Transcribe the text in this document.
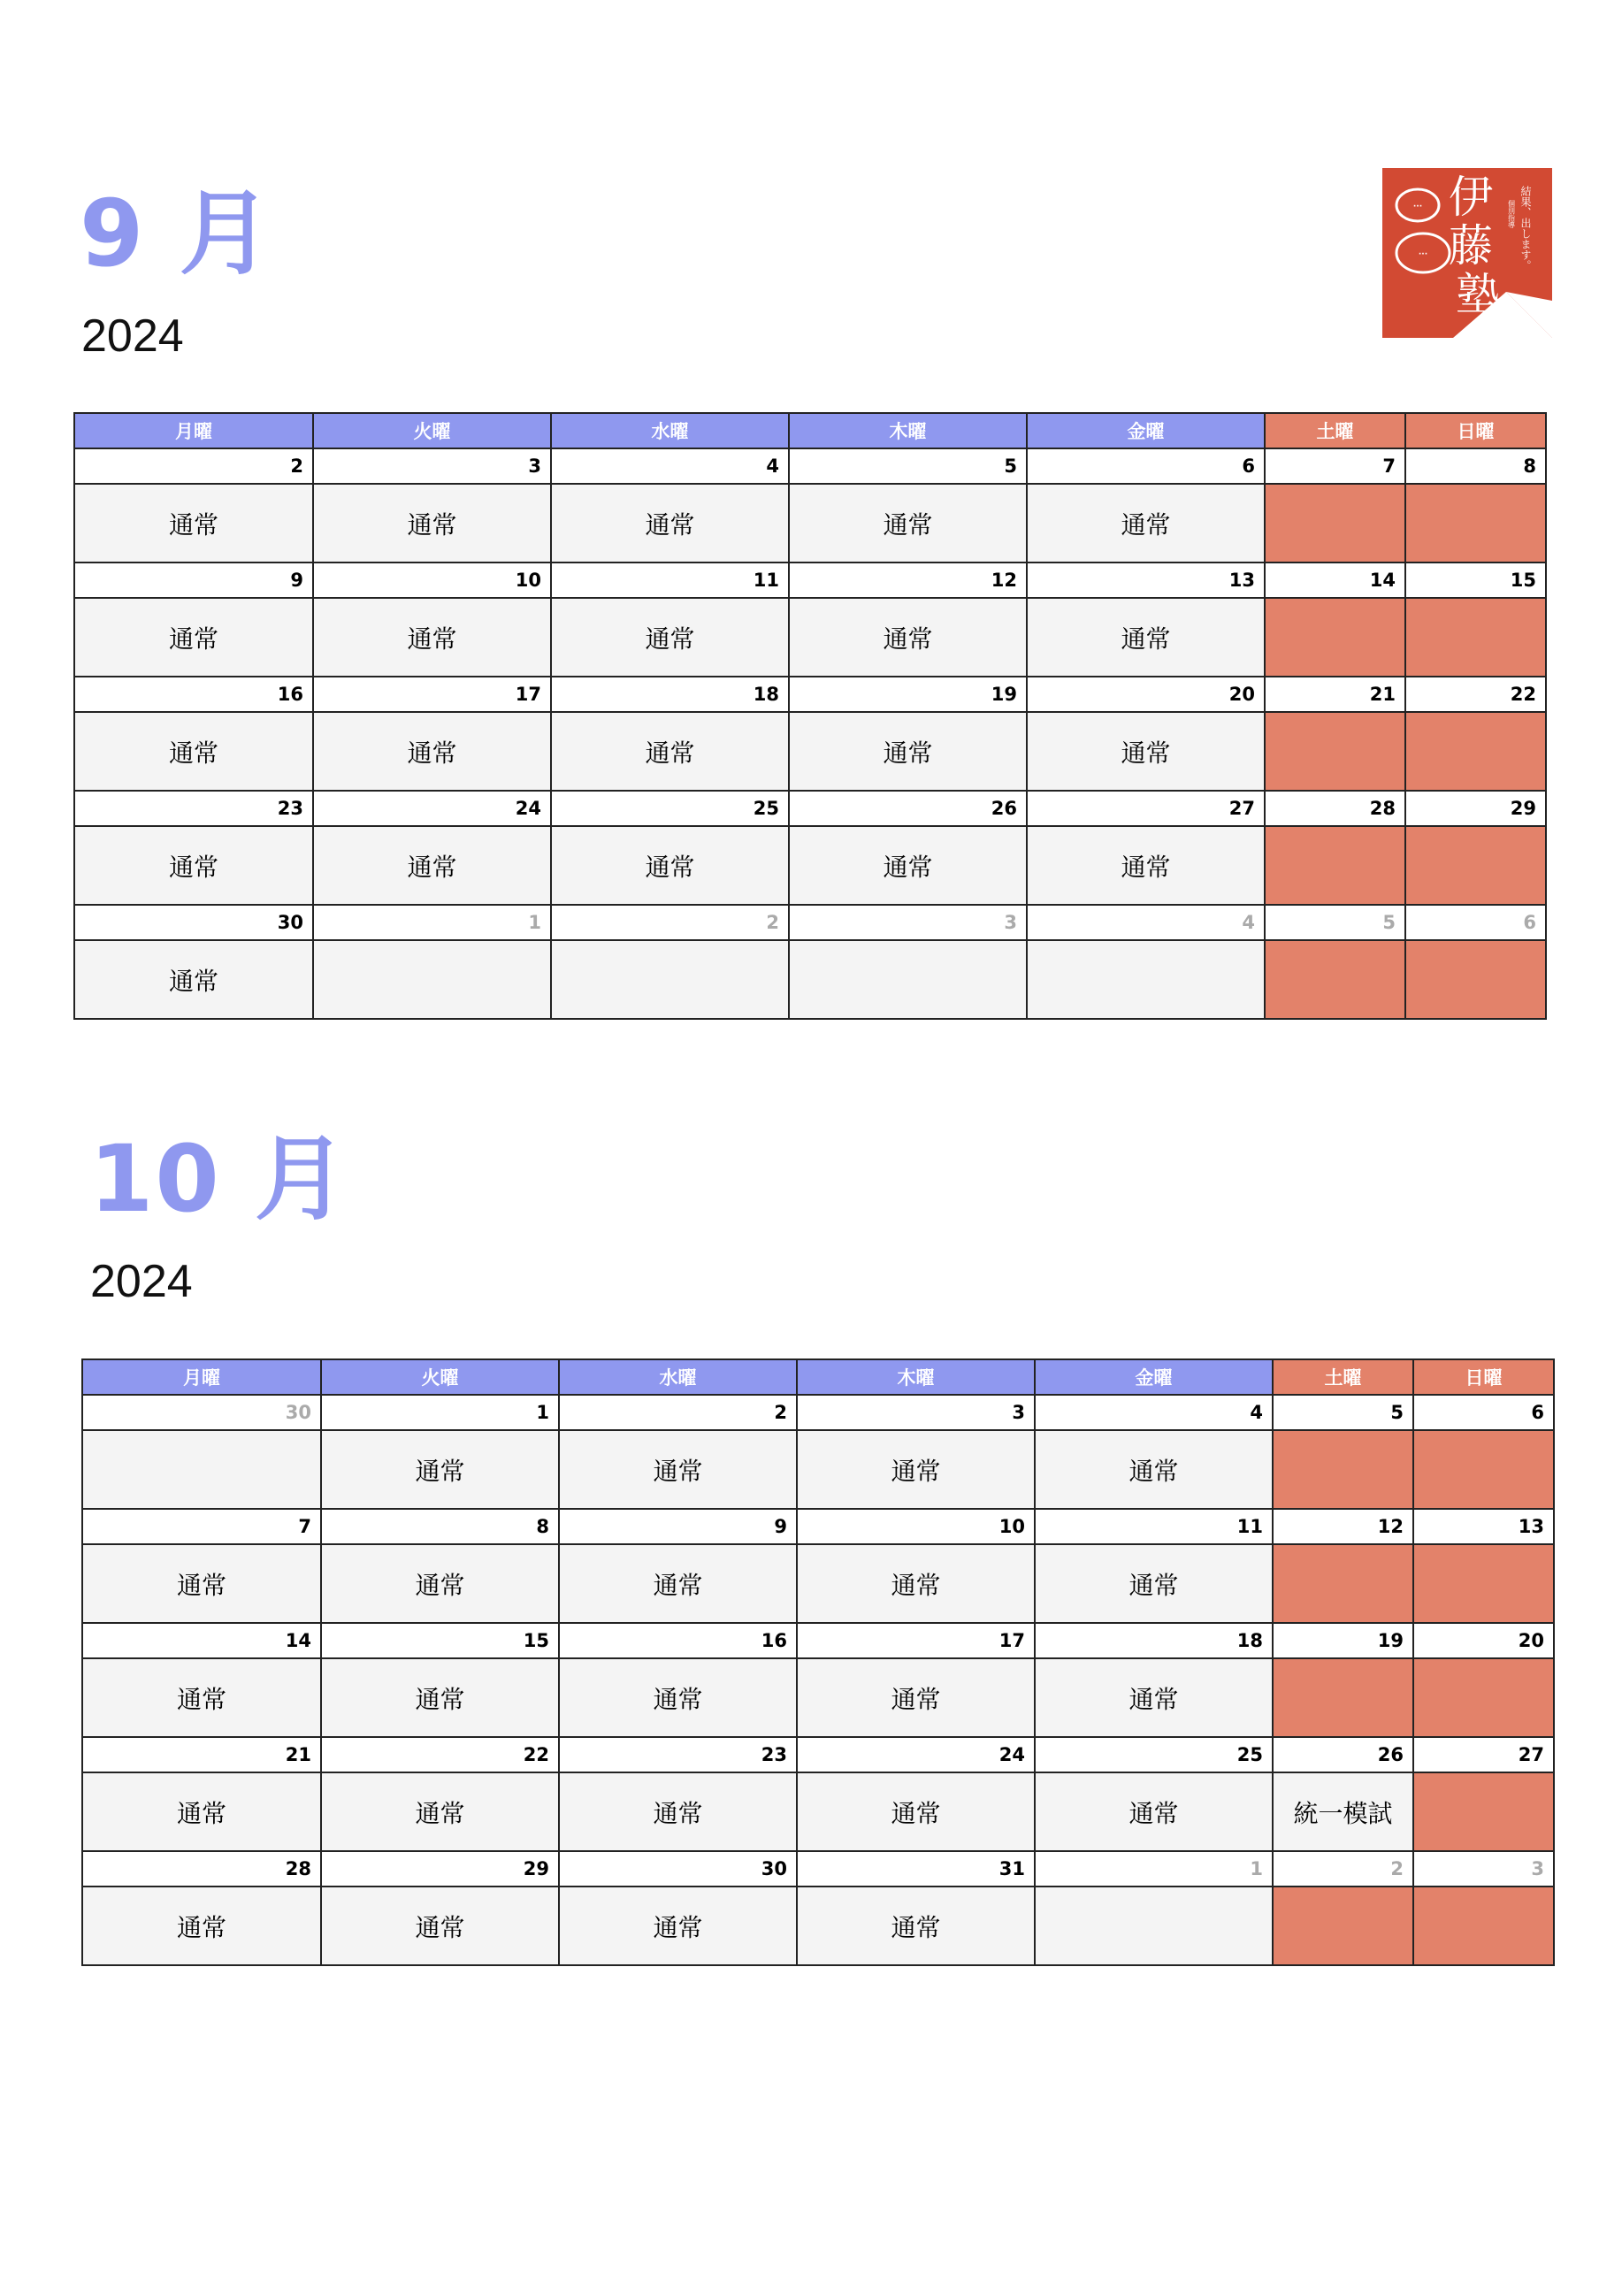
···
···
伊 藤 塾
結果、出します。
個別指導
9 月
2024
月曜	火曜	水曜	木曜	金曜	土曜	日曜
2	3	4	5	6	7	8
通常	通常	通常	通常	通常		
9	10	11	12	13	14	15
通常	通常	通常	通常	通常		
16	17	18	19	20	21	22
通常	通常	通常	通常	通常		
23	24	25	26	27	28	29
通常	通常	通常	通常	通常		
30	1	2	3	4	5	6
通常						
10 月
2024
月曜	火曜	水曜	木曜	金曜	土曜	日曜
30	1	2	3	4	5	6
	通常	通常	通常	通常		
7	8	9	10	11	12	13
通常	通常	通常	通常	通常		
14	15	16	17	18	19	20
通常	通常	通常	通常	通常		
21	22	23	24	25	26	27
通常	通常	通常	通常	通常	統一模試	
28	29	30	31	1	2	3
通常	通常	通常	通常			
